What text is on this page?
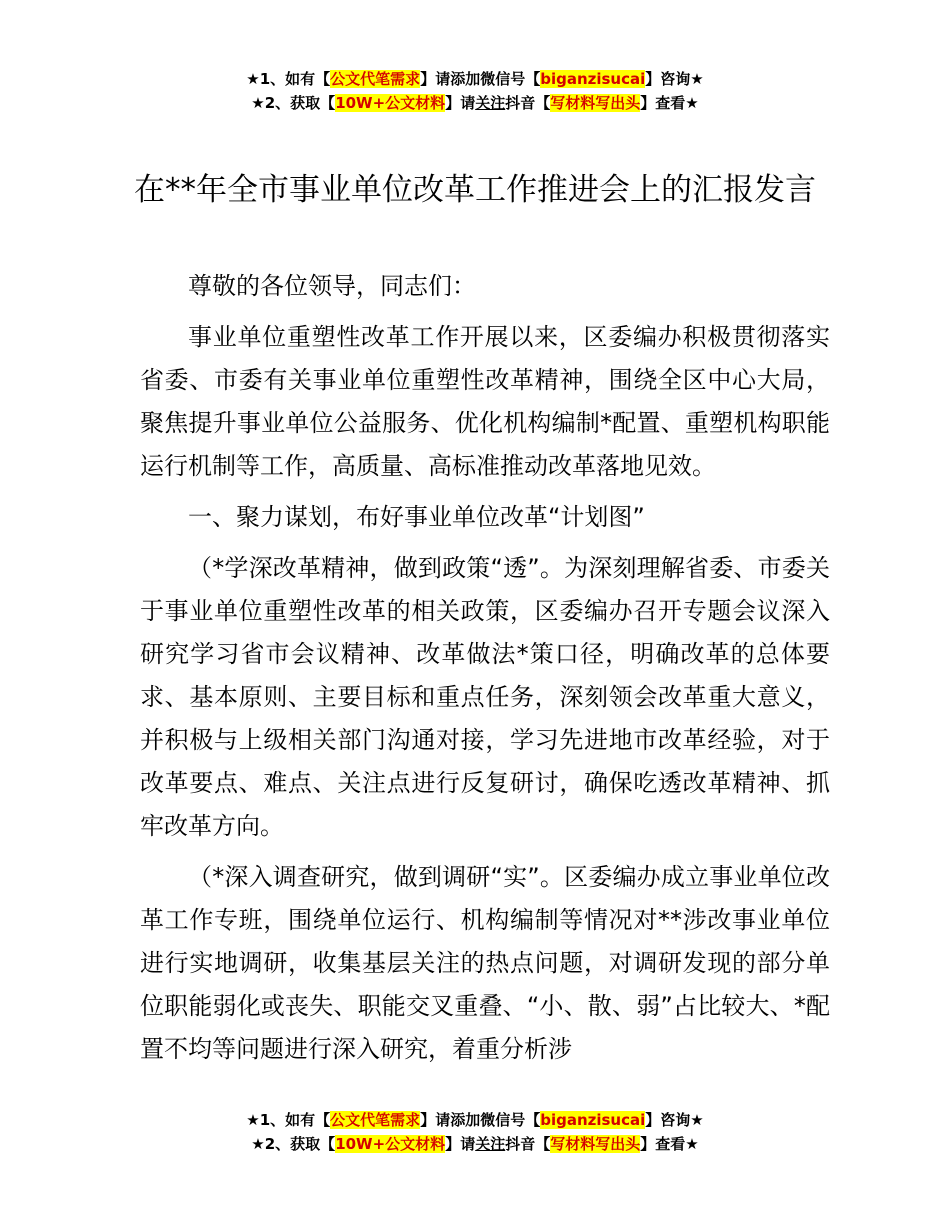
★1、如有【公文代笔需求】请添加微信号【biganzisucai】咨询★
★2、获取【10W+公文材料】请关注抖音【写材料写出头】查看★
在**年全市事业单位改革工作推进会上的汇报发言

尊敬的各位领导，同志们：

事业单位重塑性改革工作开展以来，区委编办积极贯彻落实省委、市委有关事业单位重塑性改革精神，围绕全区中心大局，聚焦提升事业单位公益服务、优化机构编制*配置、重塑机构职能运行机制等工作，高质量、高标准推动改革落地见效。

一、聚力谋划，布好事业单位改革“计划图”

（*学深改革精神，做到政策“透”。为深刻理解省委、市委关于事业单位重塑性改革的相关政策，区委编办召开专题会议深入研究学习省市会议精神、改革做法*策口径，明确改革的总体要求、基本原则、主要目标和重点任务，深刻领会改革重大意义，并积极与上级相关部门沟通对接，学习先进地市改革经验，对于改革要点、难点、关注点进行反复研讨，确保吃透改革精神、抓牢改革方向。

（*深入调查研究，做到调研“实”。区委编办成立事业单位改革工作专班，围绕单位运行、机构编制等情况对**涉改事业单位进行实地调研，收集基层关注的热点问题，对调研发现的部分单位职能弱化或丧失、职能交叉重叠、“小、散、弱”占比较大、*配置不均等问题进行深入研究，着重分析涉

★1、如有【公文代笔需求】请添加微信号【biganzisucai】咨询★
★2、获取【10W+公文材料】请关注抖音【写材料写出头】查看★
